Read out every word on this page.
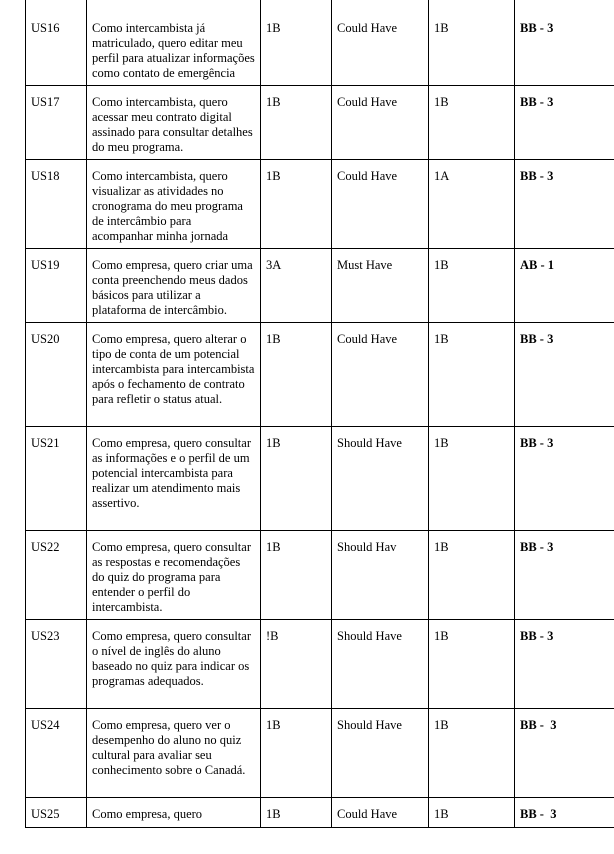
US16	Como intercambista já matriculado, quero editar meu perfil para atualizar informações como contato de emergência	1B	Could Have	1B	BB - 3
US17	Como intercambista, quero acessar meu contrato digital assinado para consultar detalhes do meu programa.	1B	Could Have	1B	BB - 3
US18	Como intercambista, quero visualizar as atividades no cronograma do meu programa de intercâmbio para acompanhar minha jornada	1B	Could Have	1A	BB - 3
US19	Como empresa, quero criar uma conta preenchendo meus dados básicos para utilizar a plataforma de intercâmbio.	3A	Must Have	1B	AB - 1
US20	Como empresa, quero alterar o tipo de conta de um potencial intercambista para intercambista após o fechamento de contrato para refletir o status atual.	1B	Could Have	1B	BB - 3
US21	Como empresa, quero consultar as informações e o perfil de um potencial intercambista para realizar um atendimento mais assertivo.	1B	Should Have	1B	BB - 3
US22	Como empresa, quero consultar as respostas e recomendações do quiz do programa para entender o perfil do intercambista.	1B	Should Hav	1B	BB - 3
US23	Como empresa, quero consultar o nível de inglês do aluno baseado no quiz para indicar os programas adequados.	!B	Should Have	1B	BB - 3
US24	Como empresa, quero ver o desempenho do aluno no quiz cultural para avaliar seu conhecimento sobre o Canadá.	1B	Should Have	1B	BB -  3
US25	Como empresa, quero	1B	Could Have	1B	BB -  3
